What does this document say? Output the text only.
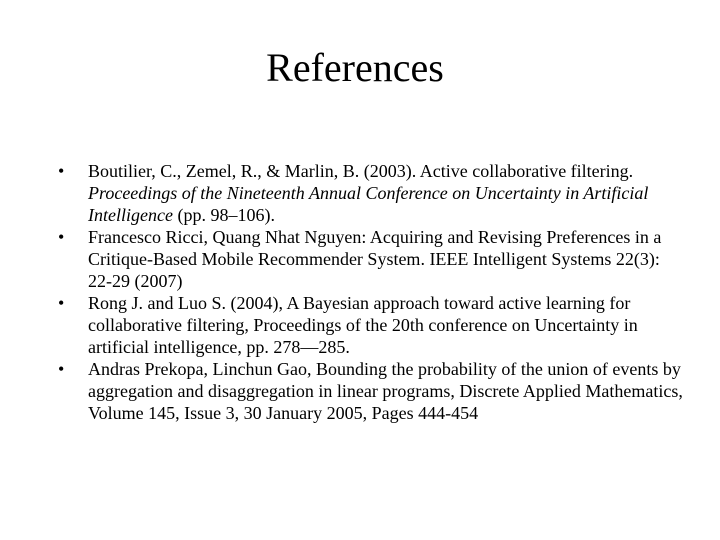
References
•	Boutilier, C., Zemel, R., & Marlin, B. (2003). Active collaborative filtering. Proceedings of the Nineteenth Annual Conference on Uncertainty in Artificial Intelligence (pp. 98–106).
•	Francesco Ricci, Quang Nhat Nguyen: Acquiring and Revising Preferences in a Critique-Based Mobile Recommender System. IEEE Intelligent Systems 22(3): 22-29 (2007)
•	Rong J. and Luo S. (2004), A Bayesian approach toward active learning for collaborative filtering, Proceedings of the 20th conference on Uncertainty in artificial intelligence, pp. 278—285.
•	Andras Prekopa, Linchun Gao, Bounding the probability of the union of events by aggregation and disaggregation in linear programs, Discrete Applied Mathematics, Volume 145, Issue 3, 30 January 2005, Pages 444-454
